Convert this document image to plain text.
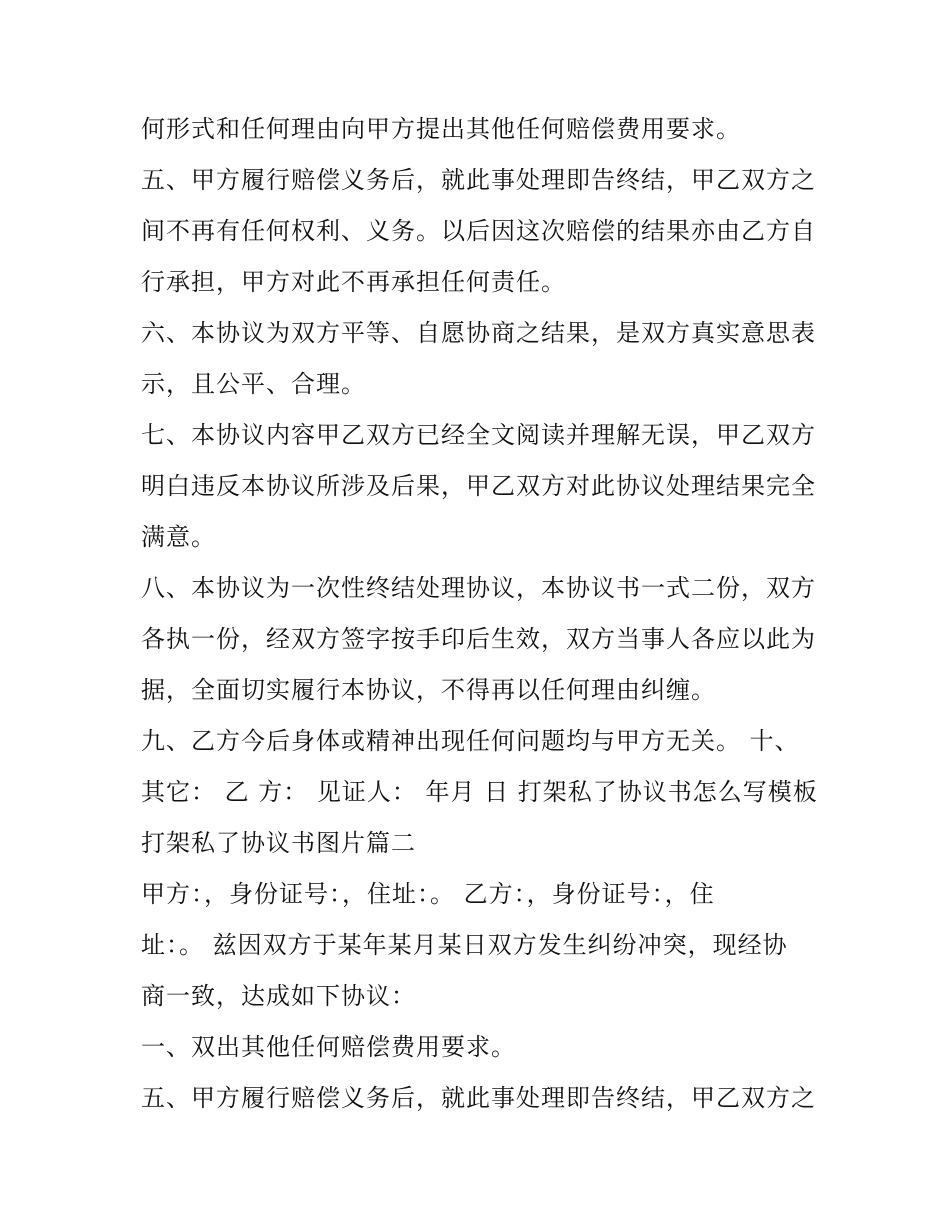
何形式和任何理由向甲方提出其他任何赔偿费用要求。
五、甲方履行赔偿义务后，就此事处理即告终结，甲乙双方之
间不再有任何权利、义务。以后因这次赔偿的结果亦由乙方自
行承担，甲方对此不再承担任何责任。
六、本协议为双方平等、自愿协商之结果，是双方真实意思表
示，且公平、合理。
七、本协议内容甲乙双方已经全文阅读并理解无误，甲乙双方
明白违反本协议所涉及后果，甲乙双方对此协议处理结果完全
满意。
八、本协议为一次性终结处理协议，本协议书一式二份，双方
各执一份，经双方签字按手印后生效，双方当事人各应以此为
据，全面切实履行本协议，不得再以任何理由纠缠。
九、乙方今后身体或精神出现任何问题均与甲方无关。 十、
其它： 乙 方： 见证人： 年月 日 打架私了协议书怎么写模板
打架私了协议书图片篇二
甲方：，身份证号：，住址：。 乙方：，身份证号：，住
址：。 兹因双方于某年某月某日双方发生纠纷冲突，现经协
商一致，达成如下协议：
一、双出其他任何赔偿费用要求。
五、甲方履行赔偿义务后，就此事处理即告终结，甲乙双方之
